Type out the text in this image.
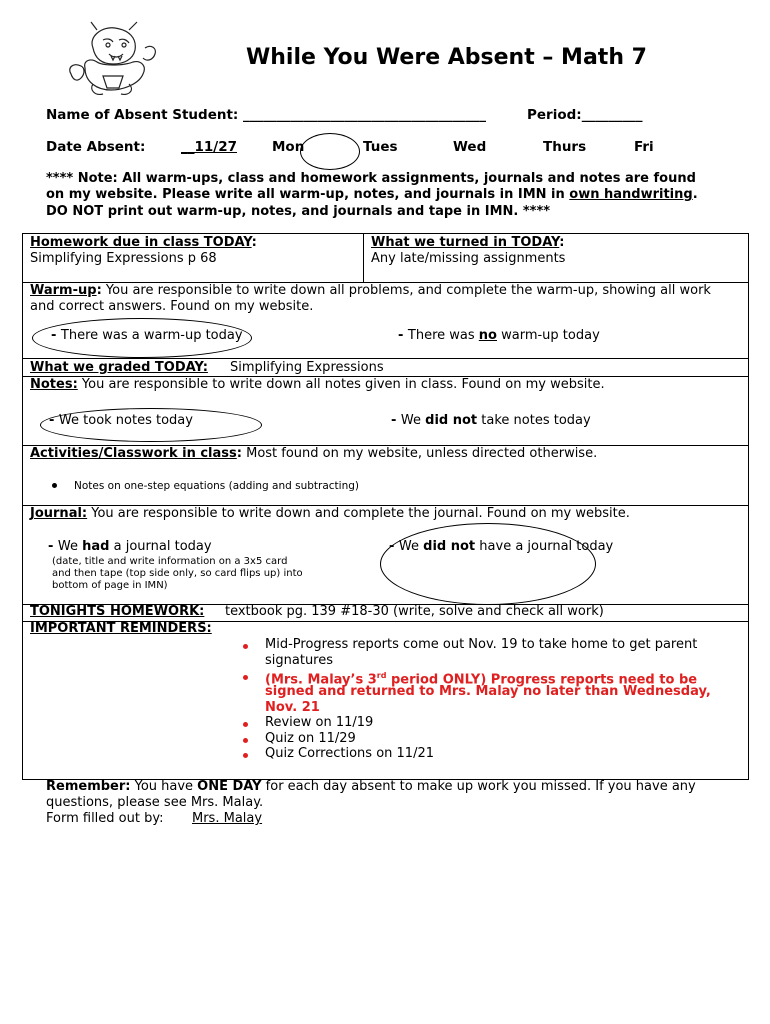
While You Were Absent – Math 7
Name of Absent Student: ____________________________________	Period:_________
Date Absent:	__11/27	Mon	Tues	Wed	Thurs	Fri
**** Note: All warm-ups, class and homework assignments, journals and notes are found
on my website. Please write all warm-up, notes, and journals in IMN in own handwriting.
DO NOT print out warm-up, notes, and journals and tape in IMN. ****
Homework due in class TODAY:
Simplifying Expressions p 68
What we turned in TODAY:
Any late/missing assignments
Warm-up: You are responsible to write down all problems, and complete the warm-up, showing all work
and correct answers. Found on my website.
- There was a warm-up today	- There was no warm-up today
What we graded TODAY: Simplifying Expressions
Notes: You are responsible to write down all notes given in class. Found on my website.
- We took notes today	- We did not take notes today
Activities/Classwork in class: Most found on my website, unless directed otherwise.
Notes on one-step equations (adding and subtracting)
Journal: You are responsible to write down and complete the journal. Found on my website.
- We had a journal today
(date, title and write information on a 3x5 card
and then tape (top side only, so card flips up) into
bottom of page in IMN)
- We did not have a journal today
TONIGHTS HOMEWORK: textbook pg. 139 #18-30 (write, solve and check all work)
IMPORTANT REMINDERS:
Mid-Progress reports come out Nov. 19 to take home to get parent
signatures
(Mrs. Malay’s 3rd period ONLY) Progress reports need to be
signed and returned to Mrs. Malay no later than Wednesday,
Nov. 21
Review on 11/19
Quiz on 11/29
Quiz Corrections on 11/21
Remember: You have ONE DAY for each day absent to make up work you missed. If you have any
questions, please see Mrs. Malay.
Form filled out by:	Mrs. Malay
